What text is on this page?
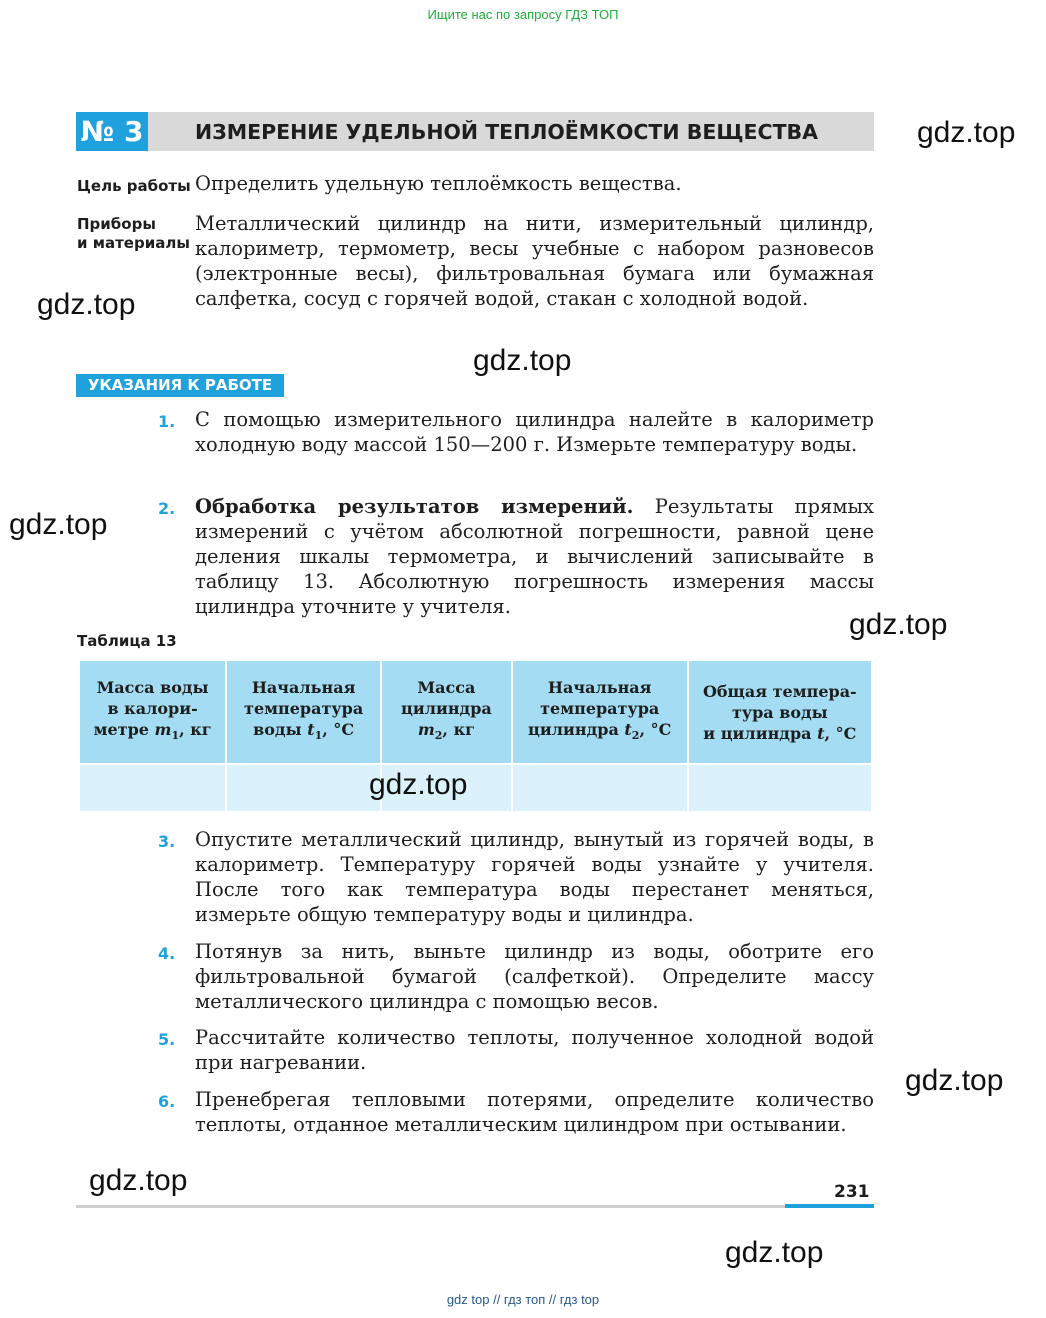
Ищите нас по запросу ГДЗ ТОП
№ 3	ИЗМЕРЕНИЕ УДЕЛЬНОЙ ТЕПЛОЁМКОСТИ ВЕЩЕСТВА
Цель работы Определить удельную теплоёмкость вещества.
Приборы
и материалы
Металлический цилиндр на нити, измерительный цилиндр, калориметр, термометр, весы учебные с набором разновесов (электронные весы), фильтровальная бумага или бумажная салфетка, сосуд с горячей водой, стакан с холодной водой.
УКАЗАНИЯ К РАБОТЕ
1. С помощью измерительного цилиндра налейте в калориметр холодную воду массой 150—200 г. Измерьте температуру воды.
2. Обработка результатов измерений. Результаты прямых измерений с учётом абсолютной погрешности, равной цене деления шкалы термометра, и вычислений записывайте в таблицу 13. Абсолютную погрешность измерения массы цилиндра уточните у учителя.
Таблица 13
Масса воды
в калори-
метре $m_1$, кг	Начальная
температура
воды $t_1$, °C	Масса
цилиндра
$m_2$, кг	Начальная
температура
цилиндра $t_2$, °C	Общая темпера-
тура воды
и цилиндра t, °C

3. Опустите металлический цилиндр, вынутый из горячей воды, в калориметр. Температуру горячей воды узнайте у учителя. После того как температура воды перестанет меняться, измерьте общую температуру воды и цилиндра.
4. Потянув за нить, выньте цилиндр из воды, оботрите его фильтровальной бумагой (салфеткой). Определите массу металлического цилиндра с помощью весов.
5. Рассчитайте количество теплоты, полученное холодной водой при нагревании.
6. Пренебрегая тепловыми потерями, определите количество теплоты, отданное металлическим цилиндром при остывании.
231
gdz.top
gdz.top
gdz.top
gdz.top
gdz.top
gdz.top
gdz.top
gdz.top
gdz.top
gdz top // гдз топ // гдз top
